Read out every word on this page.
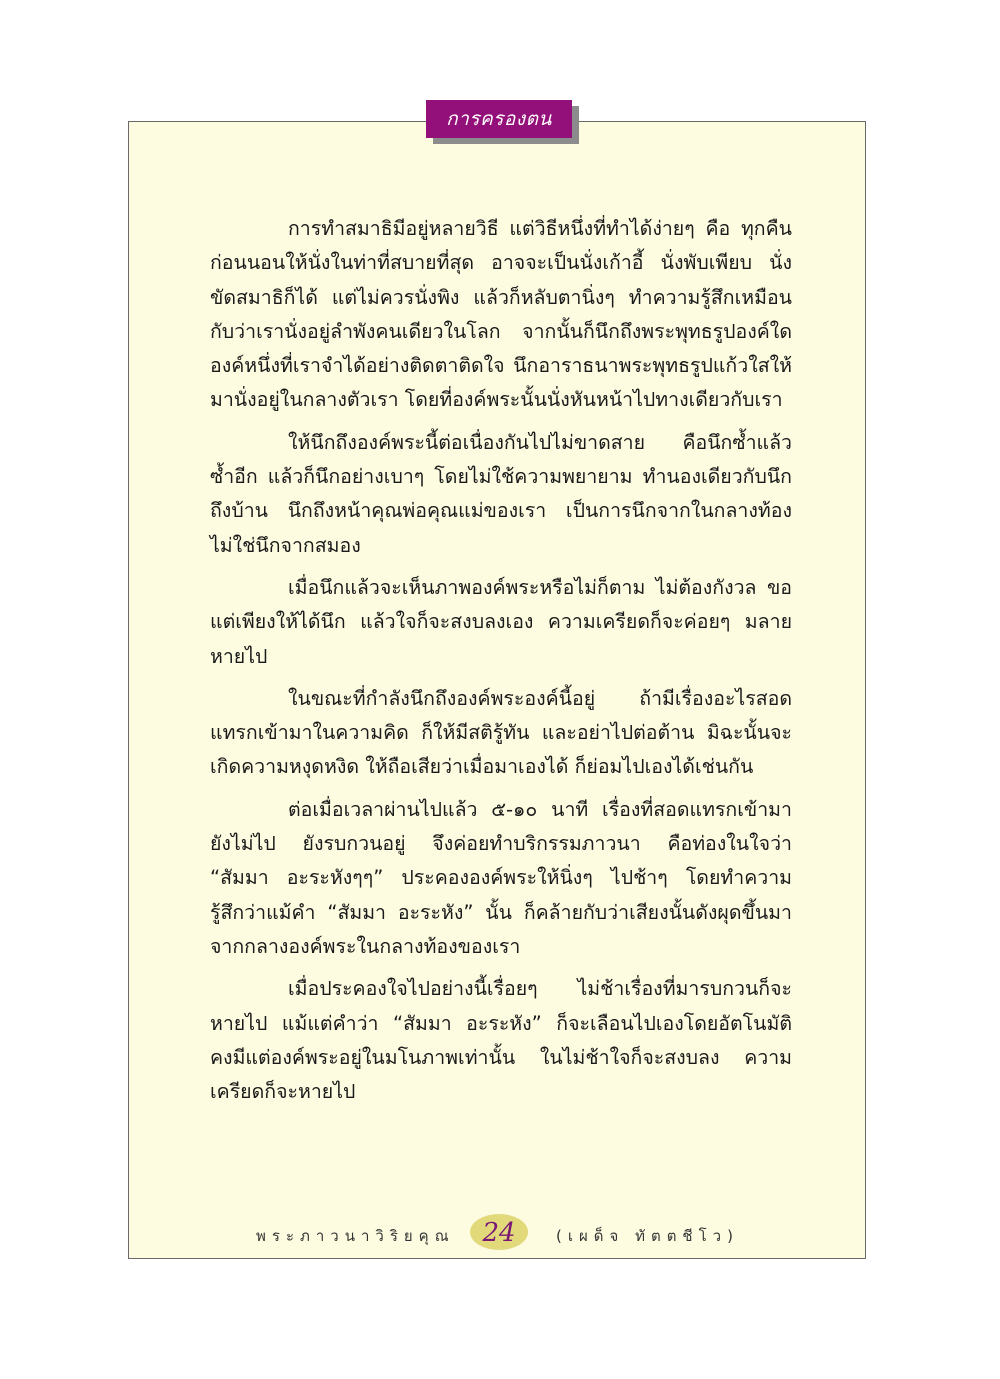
การครองตน
การทำสมาธิมีอยู่หลายวิธี แต่วิธีหนึ่งที่ทำได้ง่ายๆ คือ ทุกคืน
ก่อนนอนให้นั่งในท่าที่สบายที่สุด อาจจะเป็นนั่งเก้าอี้ นั่งพับเพียบ นั่ง
ขัดสมาธิก็ได้ แต่ไม่ควรนั่งพิง แล้วก็หลับตานิ่งๆ ทำความรู้สึกเหมือน
กับว่าเรานั่งอยู่ลำพังคนเดียวในโลก จากนั้นก็นึกถึงพระพุทธรูปองค์ใด
องค์หนึ่งที่เราจำได้อย่างติดตาติดใจ นึกอาราธนาพระพุทธรูปแก้วใสให้
มานั่งอยู่ในกลางตัวเรา โดยที่องค์พระนั้นนั่งหันหน้าไปทางเดียวกับเรา
ให้นึกถึงองค์พระนี้ต่อเนื่องกันไปไม่ขาดสาย คือนึกซ้ำแล้ว
ซ้ำอีก แล้วก็นึกอย่างเบาๆ โดยไม่ใช้ความพยายาม ทำนองเดียวกับนึก
ถึงบ้าน นึกถึงหน้าคุณพ่อคุณแม่ของเรา เป็นการนึกจากในกลางท้อง
ไม่ใช่นึกจากสมอง
เมื่อนึกแล้วจะเห็นภาพองค์พระหรือไม่ก็ตาม ไม่ต้องกังวล ขอ
แต่เพียงให้ได้นึก แล้วใจก็จะสงบลงเอง ความเครียดก็จะค่อยๆ มลาย
หายไป
ในขณะที่กำลังนึกถึงองค์พระองค์นี้อยู่ ถ้ามีเรื่องอะไรสอด
แทรกเข้ามาในความคิด ก็ให้มีสติรู้ทัน และอย่าไปต่อต้าน มิฉะนั้นจะ
เกิดความหงุดหงิด ให้ถือเสียว่าเมื่อมาเองได้ ก็ย่อมไปเองได้เช่นกัน
ต่อเมื่อเวลาผ่านไปแล้ว ๕-๑๐ นาที เรื่องที่สอดแทรกเข้ามา
ยังไม่ไป ยังรบกวนอยู่ จึงค่อยทำบริกรรมภาวนา คือท่องในใจว่า
“สัมมา อะระหังๆๆ” ประคององค์พระให้นิ่งๆ ไปช้าๆ โดยทำความ
รู้สึกว่าแม้คำ “สัมมา อะระหัง” นั้น ก็คล้ายกับว่าเสียงนั้นดังผุดขึ้นมา
จากกลางองค์พระในกลางท้องของเรา
เมื่อประคองใจไปอย่างนี้เรื่อยๆ ไม่ช้าเรื่องที่มารบกวนก็จะ
หายไป แม้แต่คำว่า “สัมมา อะระหัง” ก็จะเลือนไปเองโดยอัตโนมัติ
คงมีแต่องค์พระอยู่ในมโนภาพเท่านั้น ในไม่ช้าใจก็จะสงบลง ความ
เครียดก็จะหายไป
พระภาวนาวิริยคุณ	24	(เผด็จ ทัตตชีโว)
